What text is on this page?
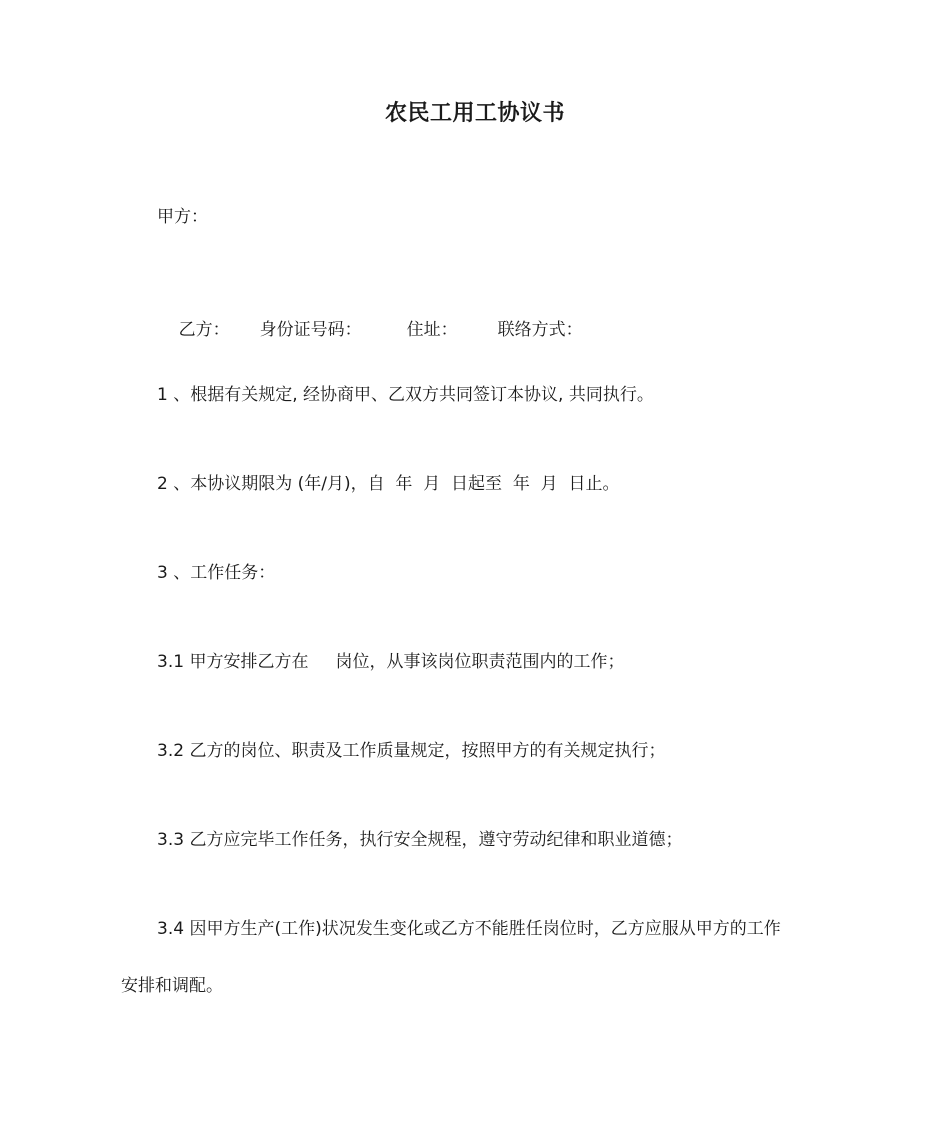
农民工用工协议书
甲方：

乙方： 身份证号码：	住址： 联络方式：

1 、根据有关规定, 经协商甲、乙双方共同签订本协议, 共同执行。
2 、本协议期限为 (年/月)，自  年  月  日起至  年  月  日止。
3 、工作任务：
3.1 甲方安排乙方在     岗位，从事该岗位职责范围内的工作；
3.2 乙方的岗位、职责及工作质量规定，按照甲方的有关规定执行；
3.3 乙方应完毕工作任务，执行安全规程，遵守劳动纪律和职业道德；
3.4 因甲方生产(工作)状况发生变化或乙方不能胜任岗位时，乙方应服从甲方的工作
安排和调配。
